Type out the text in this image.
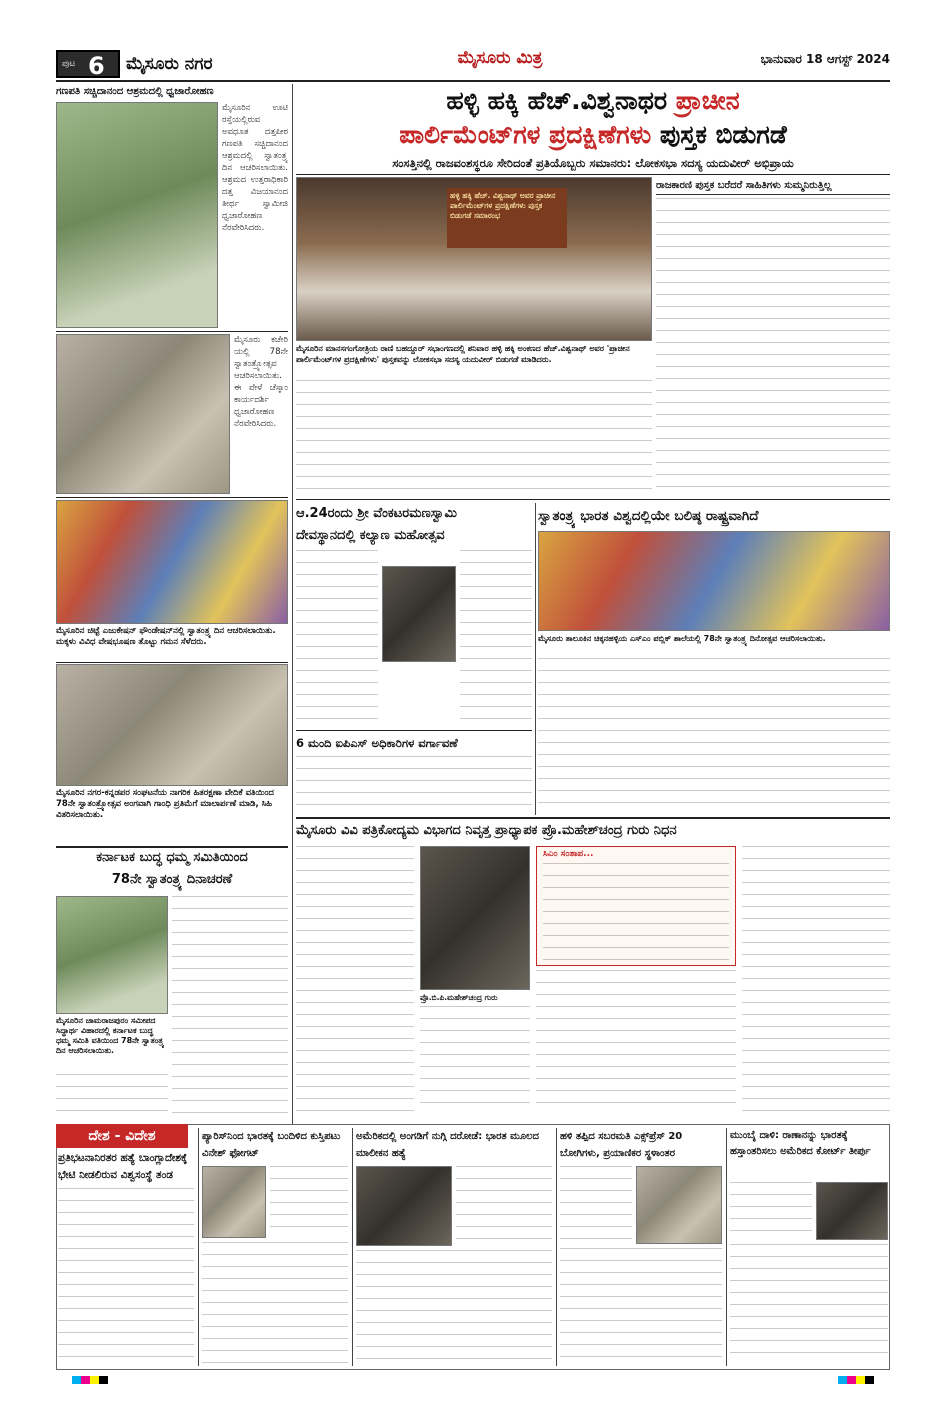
ಪುಟ 6 ಮೈಸೂರು ನಗರ	ಮೈಸೂರು ಮಿತ್ರ	ಭಾನುವಾರ 18 ಆಗಸ್ಟ್ 2024
ಗಣಪತಿ ಸಚ್ಚಿದಾನಂದ ಆಶ್ರಮದಲ್ಲಿ ಧ್ವಜಾರೋಹಣ
ಮೈಸೂರಿನ ಊಟಿ ರಸ್ತೆಯಲ್ಲಿರುವ ಅವಧೂತ ದತ್ತಪೀಠ ಗಣಪತಿ ಸಚ್ಚಿದಾನಂದ ಆಶ್ರಮದಲ್ಲಿ ಸ್ವಾತಂತ್ರ್ಯ ದಿನ ಆಚರಿಸಲಾಯಿತು. ಆಶ್ರಮದ ಉತ್ತರಾಧಿಕಾರಿ ದತ್ತ ವಿಜಯಾನಂದ ತೀರ್ಥ ಸ್ವಾಮೀಜಿ ಧ್ವಜಾರೋಹಣ ನೆರವೇರಿಸಿದರು.
ಮೈಸೂರು ಕಚೇರಿ ಯಲ್ಲಿ 78ನೇ ಸ್ವಾತಂತ್ರ್ಯೋತ್ಸವ ಆಚರಿಸಲಾಯಿತು. ಈ ವೇಳೆ ಚೆಸ್ಕಾಂ ಕಾರ್ಯದರ್ಶಿ ಧ್ವಜಾರೋಹಣ ನೆರವೇರಿಸಿದರು.
ಮೈಸೂರಿನ ಚಿಟ್ಟೆ ಎಜುಕೇಷನ್ ಫೌಂಡೇಷನ್‌ನಲ್ಲಿ ಸ್ವಾತಂತ್ರ್ಯ ದಿನ ಆಚರಿಸಲಾಯಿತು. ಮಕ್ಕಳು ವಿವಿಧ ವೇಷಭೂಷಣ ತೊಟ್ಟು ಗಮನ ಸೆಳೆದರು.
ಮೈಸೂರಿನ ನಗರ-ಕನ್ನಡಪರ ಸಂಘಟನೆಯ ನಾಗರಿಕ ಹಿತರಕ್ಷಣಾ ವೇದಿಕೆ ವತಿಯಿಂದ 78ನೇ ಸ್ವಾತಂತ್ರ್ಯೋತ್ಸವ ಅಂಗವಾಗಿ ಗಾಂಧಿ ಪ್ರತಿಮೆಗೆ ಮಾಲಾರ್ಪಣೆ ಮಾಡಿ, ಸಿಹಿ ವಿತರಿಸಲಾಯಿತು.
ಕರ್ನಾಟಕ ಬುದ್ಧ ಧಮ್ಮ ಸಮಿತಿಯಿಂದ
78ನೇ ಸ್ವಾತಂತ್ರ್ಯ ದಿನಾಚರಣೆ
ಮೈಸೂರಿನ ಚಾಮರಾಜಪುರಂ ಸಮೀಪದ ಸಿದ್ಧಾರ್ಥ ವಿಹಾರದಲ್ಲಿ ಕರ್ನಾಟಕ ಬುದ್ಧ ಧಮ್ಮ ಸಮಿತಿ ವತಿಯಿಂದ 78ನೇ ಸ್ವಾತಂತ್ರ್ಯ ದಿನ ಆಚರಿಸಲಾಯಿತು.
ಹಳ್ಳಿ ಹಕ್ಕಿ ಹೆಚ್.ವಿಶ್ವನಾಥರ ಪ್ರಾಚೀನ
ಪಾರ್ಲಿಮೆಂಟ್‌ಗಳ ಪ್ರದಕ್ಷಿಣೆಗಳು ಪುಸ್ತಕ ಬಿಡುಗಡೆ
ಸಂಸತ್ತಿನಲ್ಲಿ ರಾಜವಂಶಸ್ಥರೂ ಸೇರಿದಂತೆ ಪ್ರತಿಯೊಬ್ಬರು ಸಮಾನರು: ಲೋಕಸಭಾ ಸದಸ್ಯ ಯದುವೀರ್ ಅಭಿಪ್ರಾಯ
ಹಳ್ಳಿ ಹಕ್ಕಿ ಹೆಚ್. ವಿಶ್ವನಾಥ್ ಅವರ ಪ್ರಾಚೀನ ಪಾರ್ಲಿಮೆಂಟ್‌ಗಳ ಪ್ರದಕ್ಷಿಣೆಗಳು ಪುಸ್ತಕ ಬಿಡುಗಡೆ ಸಮಾರಂಭ
ಮೈಸೂರಿನ ಮಾನಸಗಂಗೋತ್ರಿಯ ರಾಣಿ ಬಹದ್ದೂರ್ ಸಭಾಂಗಣದಲ್ಲಿ ಶನಿವಾರ ಹಳ್ಳಿ ಹಕ್ಕಿ ಅಂಕಣದ ಹೆಚ್.ವಿಶ್ವನಾಥ್ ಅವರ 'ಪ್ರಾಚೀನ ಪಾರ್ಲಿಮೆಂಟ್‌ಗಳ ಪ್ರದಕ್ಷಿಣೆಗಳು' ಪುಸ್ತಕವನ್ನು ಲೋಕಸಭಾ ಸದಸ್ಯ ಯದುವೀರ್ ಬಿಡುಗಡೆ ಮಾಡಿದರು.
ರಾಜಕಾರಣಿ ಪುಸ್ತಕ ಬರೆದರೆ ಸಾಹಿತಿಗಳು ಸುಮ್ಮನಿರುತ್ತಿಲ್ಲ
ಆ.24ರಂದು ಶ್ರೀ ವೆಂಕಟರಮಣಸ್ವಾಮಿ
ದೇವಸ್ಥಾನದಲ್ಲಿ ಕಲ್ಯಾಣ ಮಹೋತ್ಸವ
6 ಮಂದಿ ಐಪಿಎಸ್ ಅಧಿಕಾರಿಗಳ ವರ್ಗಾವಣೆ
ಸ್ವಾತಂತ್ರ್ಯ ಭಾರತ ವಿಶ್ವದಲ್ಲಿಯೇ ಬಲಿಷ್ಠ ರಾಷ್ಟ್ರವಾಗಿದೆ
ಮೈಸೂರು ತಾಲೂಕಿನ ಚಿಕ್ಕನಹಳ್ಳಿಯ ಎಸ್‌ಎಂ ಪಬ್ಲಿಕ್ ಶಾಲೆಯಲ್ಲಿ 78ನೇ ಸ್ವಾತಂತ್ರ್ಯ ದಿನೋತ್ಸವ ಆಚರಿಸಲಾಯಿತು.
ಮೈಸೂರು ವಿವಿ ಪತ್ರಿಕೋದ್ಯಮ ವಿಭಾಗದ ನಿವೃತ್ತ ಪ್ರಾಧ್ಯಾಪಕ ಪ್ರೊ.ಮಹೇಶ್‌ಚಂದ್ರ ಗುರು ನಿಧನ
ಪ್ರೊ.ಬಿ.ಪಿ.ಮಹೇಶ್‌ಚಂದ್ರ ಗುರು
ಸಿಎಂ ಸಂತಾಪ...
ದೇಶ - ವಿದೇಶ
ಪ್ರತಿಭಟನಾನಿರತರ ಹತ್ಯೆ ಬಾಂಗ್ಲಾದೇಶಕ್ಕೆ ಭೇಟಿ ನೀಡಲಿರುವ ವಿಶ್ವಸಂಸ್ಥೆ ತಂಡ
ಪ್ಯಾರಿಸ್‌ನಿಂದ ಭಾರತಕ್ಕೆ ಬಂದಿಳಿದ ಕುಸ್ತಿಪಟು ವಿನೇಶ್ ಫೋಗಟ್
ಅಮೆರಿಕದಲ್ಲಿ ಅಂಗಡಿಗೆ ನುಗ್ಗಿ ದರೋಡೆ: ಭಾರತ ಮೂಲದ ಮಾಲೀಕನ ಹತ್ಯೆ
ಹಳಿ ತಪ್ಪಿದ ಸಬರಮತಿ ಎಕ್ಸ್‌ಪ್ರೆಸ್ 20 ಬೋಗಿಗಳು, ಪ್ರಯಾಣಿಕರ ಸ್ಥಳಾಂತರ
ಮುಂಬೈ ದಾಳಿ: ರಾಣಾನನ್ನು ಭಾರತಕ್ಕೆ ಹಸ್ತಾಂತರಿಸಲು ಅಮೆರಿಕದ ಕೋರ್ಟ್ ತೀರ್ಪು
